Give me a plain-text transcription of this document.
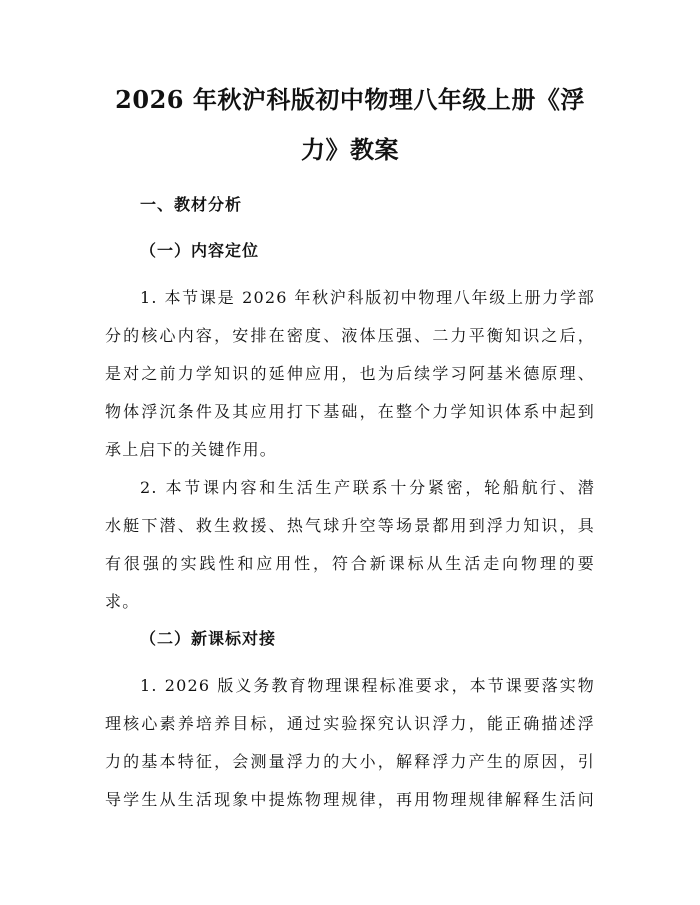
2026 年秋沪科版初中物理八年级上册《浮
力》教案
一、教材分析
（一）内容定位
1. 本节课是 2026 年秋沪科版初中物理八年级上册力学部
分的核心内容，安排在密度、液体压强、二力平衡知识之后，
是对之前力学知识的延伸应用，也为后续学习阿基米德原理、
物体浮沉条件及其应用打下基础，在整个力学知识体系中起到
承上启下的关键作用。
2. 本节课内容和生活生产联系十分紧密，轮船航行、潜
水艇下潜、救生救援、热气球升空等场景都用到浮力知识，具
有很强的实践性和应用性，符合新课标从生活走向物理的要
求。
（二）新课标对接
1. 2026 版义务教育物理课程标准要求，本节课要落实物
理核心素养培养目标，通过实验探究认识浮力，能正确描述浮
力的基本特征，会测量浮力的大小，解释浮力产生的原因，引
导学生从生活现象中提炼物理规律，再用物理规律解释生活问
